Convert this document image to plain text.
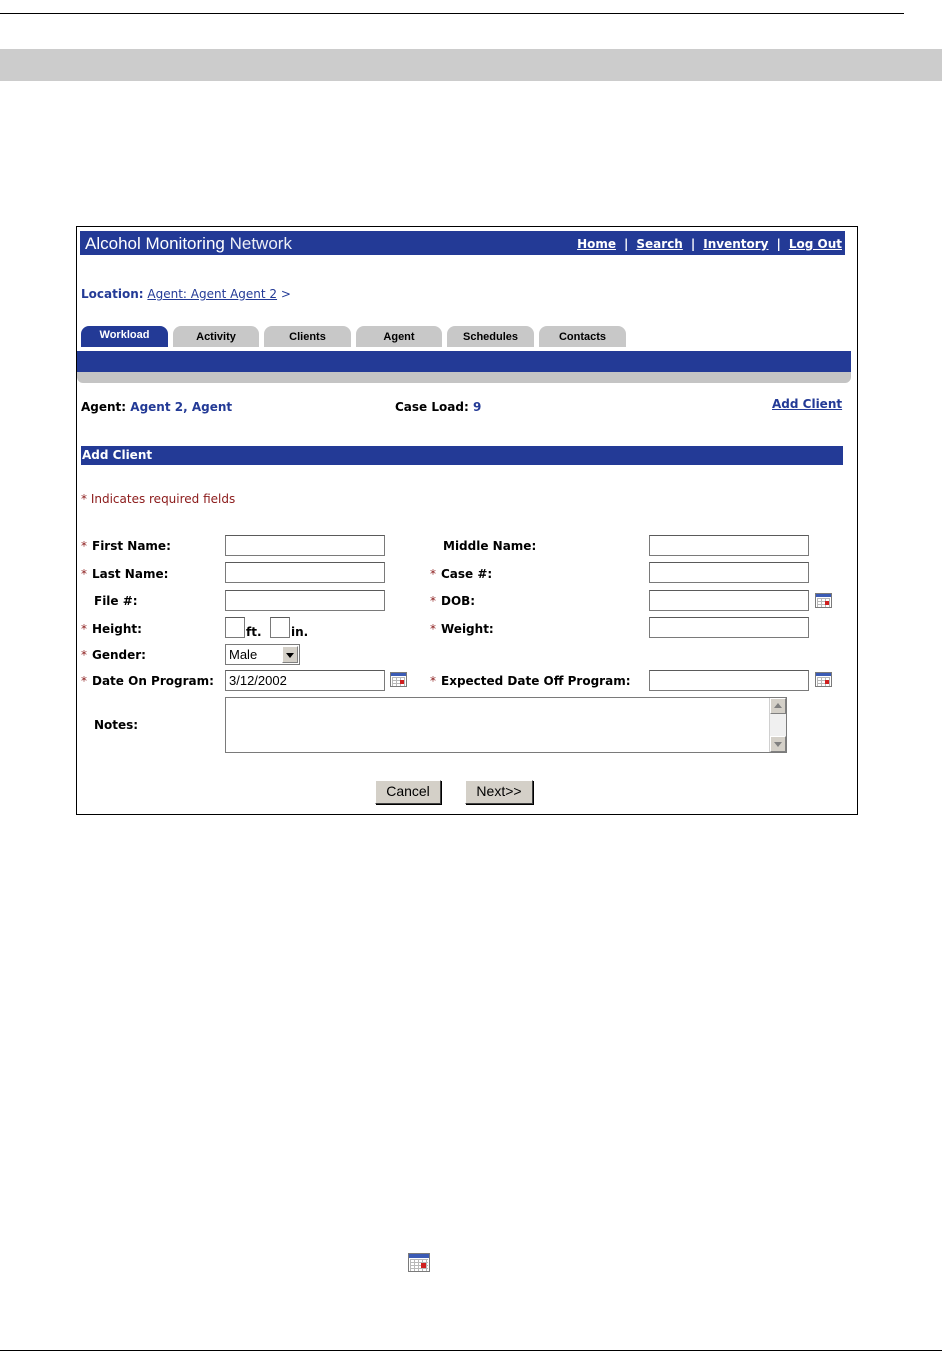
Alcohol Monitoring Network	Home | Search | Inventory | Log Out
Location: Agent: Agent Agent 2 >
Workload	Activity	Clients	Agent	Schedules	Contacts
Agent: Agent 2, Agent	Case Load: 9	Add Client
Add Client
* Indicates required fields
* First Name:	Middle Name:
* Last Name:	* Case #:
File #:	* DOB:
* Height:	ft. in.	* Weight:
* Gender:	Male
* Date On Program:	3/12/2002	* Expected Date Off Program:
Notes:
Cancel	Next>>
